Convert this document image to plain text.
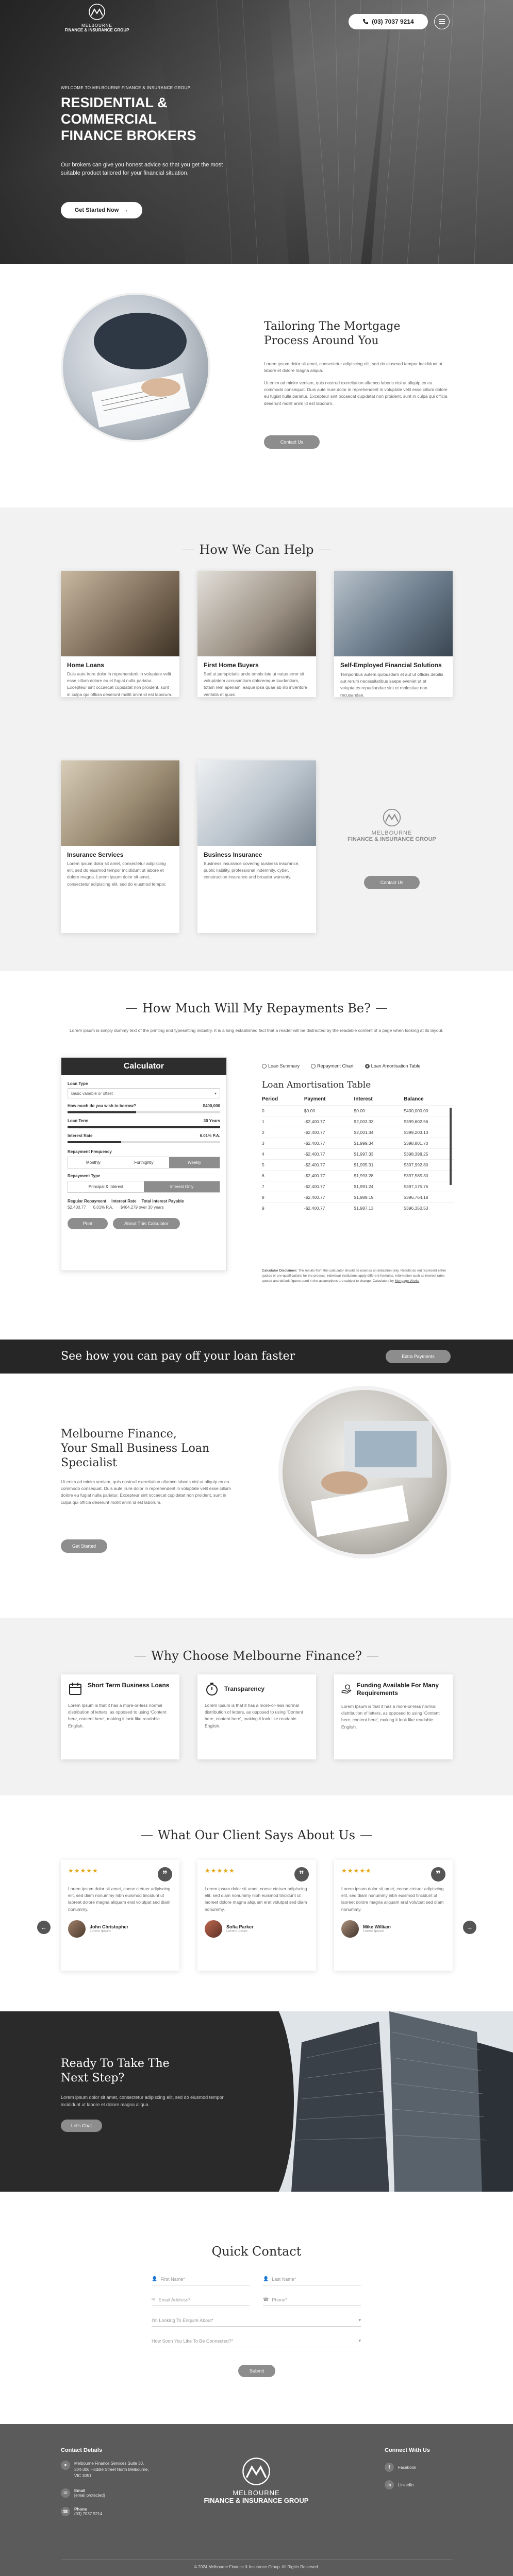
MELBOURNE
FINANCE & INSURANCE GROUP
(03) 7037 9214
WELCOME TO MELBOURNE FINANCE & INSURANCE GROUP
RESIDENTIAL &
COMMERCIAL
FINANCE BROKERS
Our brokers can give you honest advice so that you get the most suitable product tailored for your financial situation.
Get Started Now →
Tailoring The Mortgage Process Around You
Lorem ipsum dolor sit amet, consectetur adipiscing elit, sed do eiusmod tempor incididunt ut labore et dolore magna aliqua.
Ut enim ad minim veniam, quis nostrud exercitation ullamco laboris nisi ut aliquip ex ea commodo consequat. Duis aute irure dolor in reprehenderit in voluptate velit esse cillum dolore eu fugiat nulla pariatur. Excepteur sint occaecat cupidatat non proident, sunt in culpa qui officia deserunt mollit anim id est laborum.
Contact Us
How We Can Help
Home Loans
Duis aute irure dolor in reprehenderit in voluptate velit esse cillum dolore eu et fugiat nulla pariatur. Excepteur sint occaecat cupidatat non proident, sunt in culpa qui officia deserunt mollit anim id est laborum.
First Home Buyers
Sed ut perspiciatis unde omnis iste ut natus error sit voluptatem accusantium doloremque laudantium, totam rem aperiam, eaque ipsa quae ab illo inventore veritatis et quasi.
Self-Employed Financial Solutions
Temporibus autem quibusdam et aut ut officiis debitis aut rerum necessitatibus saepe eveniet ut et voluptates repudiandae sint et molestiae non recusandae.
Insurance Services
Lorem ipsum dolor sit amet, consectetur adipiscing elit, sed do eiusmod tempor incididunt ut labore et dolore magna. Lorem ipsum dolor sit amet, consectetur adipiscing elit, sed do eiusmod tempor.
Business Insurance
Business insurance covering business insurance, public liability, professional indemnity, cyber, construction insurance and broader warranty.
MELBOURNE
FINANCE & INSURANCE GROUP
Contact Us
How Much Will My Repayments Be?
Lorem ipsum is simply dummy text of the printing and typesetting industry. It is a long established fact that a reader will be distracted by the readable content of a page when looking at its layout.
Calculator
Loan Type
Basic variable or offset	▾
How much do you wish to borrow?	$400,000
Loan Term	30 Years
Interest Rate	6.01% P.A.
Repayment Frequency
Monthly	Fortnightly	Weekly
Repayment Type
Principal & Interest	Interest Only
Regular Repayment Interest Rate Total Interest Payable
$2,400.77 6.01% P.A. $464,279 over 30 years
Print	About This Calculator
Loan Summary	Repayment Chart	Loan Amortisation Table
Loan Amortisation Table
Period	Payment	Interest	Balance
0	$0.00	$0.00	$400,000.00
1	-$2,400.77	$2,003.33	$399,602.56
2	-$2,400.77	$2,001.34	$399,203.13
3	-$2,400.77	$1,999.34	$398,801.70
4	-$2,400.77	$1,997.33	$398,398.25
5	-$2,400.77	$1,995.31	$397,992.80
6	-$2,400.77	$1,993.28	$397,585.30
7	-$2,400.77	$1,991.24	$397,175.76
8	-$2,400.77	$1,989.19	$396,764.18
9	-$2,400.77	$1,987.13	$396,350.53
Calculator Disclaimer: The results from this calculator should be used as an indication only. Results do not represent either quotes or pre-qualifications for the product. Individual institutions apply different formulas. Information such as interest rates quoted and default figures used in the assumptions are subject to change. Calculators by Mortgage Works
See how you can pay off your loan faster	Extra Payments
Melbourne Finance,
Your Small Business Loan
Specialist
Ut enim ad minim veniam, quis nostrud exercitation ullamco laboris nisi ut aliquip ex ea commodo consequat. Duis aute irure dolor in reprehenderit in voluptate velit esse cillum dolore eu fugiat nulla pariatur. Excepteur sint occaecat cupidatat non proident, sunt in culpa qui officia deserunt mollit anim id est laborum.
Get Started
Why Choose Melbourne Finance?
Short Term Business Loans
Lorem Ipsum is that it has a more-or-less normal distribution of letters, as opposed to using 'Content here, content here', making it look like readable English.
Transparency
Lorem Ipsum is that it has a more-or-less normal distribution of letters, as opposed to using 'Content here, content here', making it look like readable English.
Funding Available For Many Requirements
Lorem Ipsum is that it has a more-or-less normal distribution of letters, as opposed to using 'Content here, content here', making it look like readable English.
What Our Client Says About Us
←	→
★★★★★	❞
Lorem ipsum dolor sit amet, conse ctetuer adipiscing elit, sed diam nonummy nibh euismod tincidunt ut laoreet dolore magna aliquam erat volutpat sed diam nonummy.
John Christopher
Lorem Ipsum
★★★★★	❞
Lorem ipsum dolor sit amet, conse ctetuer adipiscing elit, sed diam nonummy nibh euismod tincidunt ut laoreet dolore magna aliquam erat volutpat sed diam nonummy.
Sofia Parker
Lorem Ipsum
★★★★★	❞
Lorem ipsum dolor sit amet, conse ctetuer adipiscing elit, sed diam nonummy nibh euismod tincidunt ut laoreet dolore magna aliquam erat volutpat sed diam nonummy.
Mike William
Lorem Ipsum
Ready To Take The
Next Step?
Lorem ipsum dolor sit amet, consectetur adipiscing elit, sed do eiusmod tempor incididunt ut labore et dolore magna aliqua.
Let's Chat
Quick Contact
👤 First Name*	👤 Last Name*
✉ Email Address*	☎ Phone*
I'm Looking To Enquire About*	▾
How Soon You Like To Be Connected?*	▾
Submit
Contact Details
●	Melbourne Finance Services Suite 30, 304-306 Hoddle Street North Melbourne, VIC 3051
✉	Email
[email protected]
☎	Phone
(03) 7037 9214
MELBOURNE
FINANCE & INSURANCE GROUP
Connect With Us
f	Facebook
in	LinkedIn
© 2024 Melbourne Finance & Insurance Group. All Rights Reserved.
